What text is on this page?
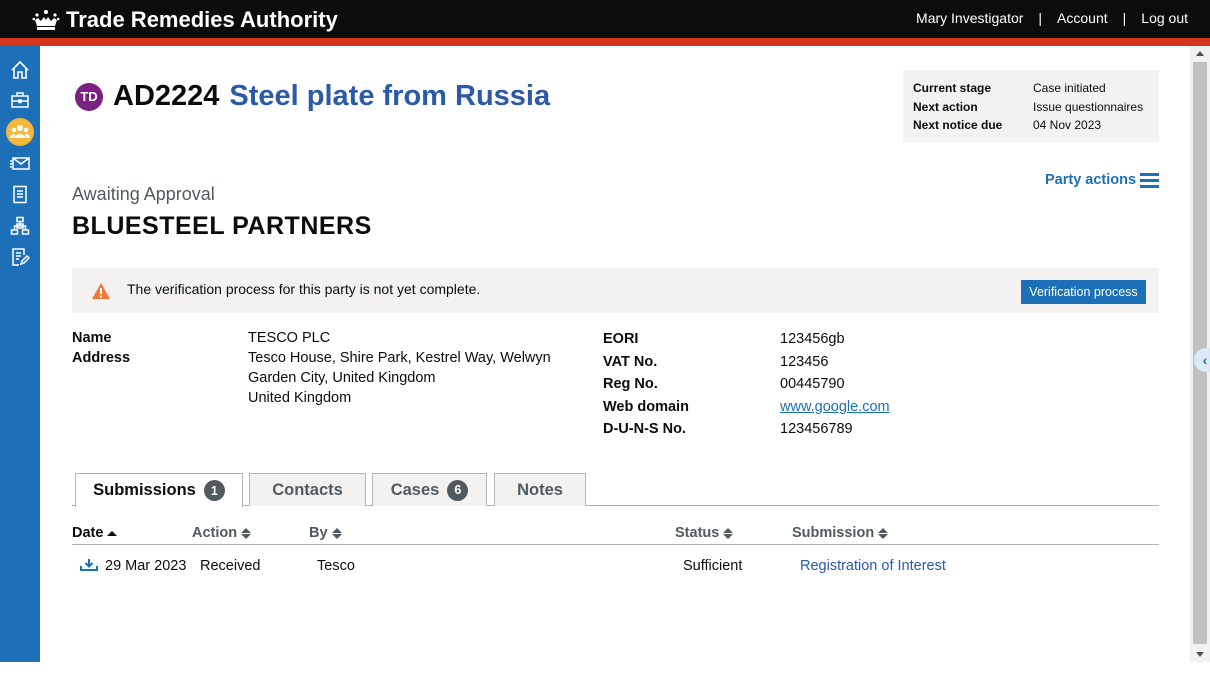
Trade Remedies Authority	Mary Investigator | Account | Log out
TD AD2224 Steel plate from Russia	Current stage	Case initiated
Next action	Issue questionnaires
Next notice due	04 Nov 2023
Awaiting Approval
BLUESTEEL PARTNERS
Party actions
The verification process for this party is not yet complete.	Verification process
Name	TESCO PLC
Address	Tesco House, Shire Park, Kestrel Way, Welwyn
Garden City, United Kingdom
United Kingdom
EORI	123456gb
VAT No.	123456
Reg No.	00445790
Web domain	www.google.com
D-U-N-S No.	123456789
Submissions	1	Contacts	Cases	6	Notes
Date	Action	By	Status	Submission
29 Mar 2023 Received	Tesco	Sufficient	Registration of Interest
‹
